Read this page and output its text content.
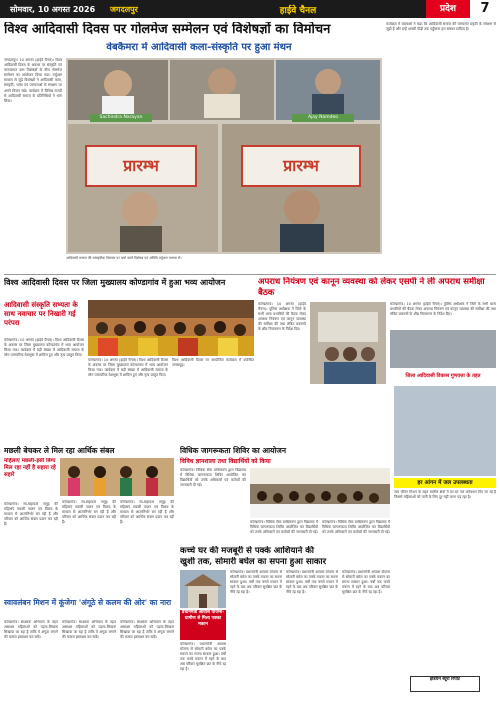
सोमवार, 10 अगस्त 2026	जगदलपुर	हाईवे चैनल	प्रदेश	7
विश्व आदिवासी दिवस पर गोलमेज सम्मेलन एवं विशेषज्ञों का विमोचन
वेबकैमरा में आदिवासी कला-संस्कृति पर हुआ मंथन
जगदलपुर। 10 अगस्त (हाईवे चैनल)। विश्व आदिवासी दिवस के अवसर पर संस्कृति एवं परम्परागत ज्ञान विशेषज्ञों के बीच गोलमेज सम्मेलन का आयोजन किया गया। वर्चुअल माध्यम से जुड़े विशेषज्ञों ने आदिवासी कला, संस्कृति, भाषा एवं परम्पराओं के संरक्षण पर अपने विचार रखे। कार्यक्रम में विभिन्न राज्यों से आदिवासी समाज के प्रतिनिधियों ने भाग लिया।
Sachindra Narayan	Ajay Namdeo
प्रारम्भ	प्रारम्भ
आदिवासी समाज की सांस्कृतिक विरासत पर चर्चा करते विशेषज्ञ एवं अतिथि वर्चुअल माध्यम से।
कार्यक्रम में वक्ताओं ने कहा कि आदिवासी समाज की परम्पराएं प्रकृति के संरक्षण से जुड़ी हैं और इन्हें अगली पीढ़ी तक पहुँचाना हम सबका दायित्व है।
विश्व आदिवासी दिवस पर जिला मुख्यालय कोण्डागांव में हुआ भव्य आयोजन
आदिवासी संस्कृति सभ्यता के साथ नवाचार पर निखारी गई परंपरा
कोण्डागांव। 10 अगस्त (हाईवे चैनल)। विश्व आदिवासी दिवस के अवसर पर जिला मुख्यालय कोण्डागांव में भव्य आयोजन किया गया। कार्यक्रम में बड़ी संख्या में आदिवासी समाज के लोग पारम्परिक वेशभूषा में शामिल हुए और नृत्य प्रस्तुत किए।
कोण्डागांव। 10 अगस्त (हाईवे चैनल)। विश्व आदिवासी दिवस के अवसर पर जिला मुख्यालय कोण्डागांव में भव्य आयोजन किया गया। कार्यक्रम में बड़ी संख्या में आदिवासी समाज के लोग पारम्परिक वेशभूषा में शामिल हुए और नृत्य प्रस्तुत किए।
विश्व आदिवासी दिवस पर आयोजित कार्यक्रम में उपस्थित जनसमूह।
अपराध नियंत्रण एवं कानून व्यवस्था को लेकर एसपी ने ली अपराध समीक्षा बैठक
कोण्डागांव। 10 अगस्त (हाईवे चैनल)। पुलिस अधीक्षक ने जिले के सभी थाना प्रभारियों की बैठक लेकर अपराध नियंत्रण एवं कानून व्यवस्था की समीक्षा की तथा लंबित प्रकरणों के शीघ्र निराकरण के निर्देश दिए।
कोण्डागांव। 10 अगस्त (हाईवे चैनल)। पुलिस अधीक्षक ने जिले के सभी थाना प्रभारियों की बैठक लेकर अपराध नियंत्रण एवं कानून व्यवस्था की समीक्षा की तथा लंबित प्रकरणों के शीघ्र निराकरण के निर्देश दिए।
जिला आदिवासी विकास गुणवत्ता के तहत
मछली बेचकर ले मिल रहा आर्थिक संबल
महिलाए मछली-इसी बिग्घ मिल रहा नहीं है सहारा रहे सहारे
कोण्डागांव। स्व-सहायता समूह की महिलाएं मछली पालन एवं विक्रय के माध्यम से आत्मनिर्भर बन रही हैं और परिवार को आर्थिक संबल प्रदान कर रही हैं।
कोण्डागांव। स्व-सहायता समूह की महिलाएं मछली पालन एवं विक्रय के माध्यम से आत्मनिर्भर बन रही हैं और परिवार को आर्थिक संबल प्रदान कर रही हैं।
कोण्डागांव। स्व-सहायता समूह की महिलाएं मछली पालन एवं विक्रय के माध्यम से आत्मनिर्भर बन रही हैं और परिवार को आर्थिक संबल प्रदान कर रही हैं।
विधिक जागरूकता शिविर का आयोजन
विविध ज्ञानशाला तथा विद्यार्थियों को किया
कोण्डागांव। विधिक सेवा प्राधिकरण द्वारा विद्यालय में विधिक जागरूकता शिविर आयोजित कर विद्यार्थियों को उनके अधिकारों एवं कर्तव्यों की जानकारी दी गई।
कोण्डागांव। विधिक सेवा प्राधिकरण द्वारा विद्यालय में विधिक जागरूकता शिविर आयोजित कर विद्यार्थियों को उनके अधिकारों एवं कर्तव्यों की जानकारी दी गई।
कोण्डागांव। विधिक सेवा प्राधिकरण द्वारा विद्यालय में विधिक जागरूकता शिविर आयोजित कर विद्यार्थियों को उनके अधिकारों एवं कर्तव्यों की जानकारी दी गई।
हर आंगन में जल उपलब्धता
जल जीवन मिशन के तहत ग्रामीण क्षेत्रों में घर-घर नल कनेक्शन दिए जा रहे हैं जिससे महिलाओं को पानी के लिए दूर नहीं जाना पड़ रहा है।
इंडियन ब्यूरो रिपोर्ट
कच्चे घर की मजबूरी से पक्के आशियाने की
खुशी तक, सोमारी बघेल का सपना हुआ साकार
प्रधानमंत्री आवास योजना-ग्रामीण से मिला पक्का मकान
कोण्डागांव। प्रधानमंत्री आवास योजना से सोमारी बघेल का पक्के मकान का सपना साकार हुआ। वर्षों तक कच्चे मकान में रहने के बाद अब परिवार सुरक्षित छत के नीचे रह रहा है।
कोण्डागांव। प्रधानमंत्री आवास योजना से सोमारी बघेल का पक्के मकान का सपना साकार हुआ। वर्षों तक कच्चे मकान में रहने के बाद अब परिवार सुरक्षित छत के नीचे रह रहा है।
कोण्डागांव। प्रधानमंत्री आवास योजना से सोमारी बघेल का पक्के मकान का सपना साकार हुआ। वर्षों तक कच्चे मकान में रहने के बाद अब परिवार सुरक्षित छत के नीचे रह रहा है।
कोण्डागांव। प्रधानमंत्री आवास योजना से सोमारी बघेल का पक्के मकान का सपना साकार हुआ। वर्षों तक कच्चे मकान में रहने के बाद अब परिवार सुरक्षित छत के नीचे रह रहा है।
स्वावलंबन मिशन में कूंजेगा 'अंगूठे से कलम की ओर' का नारा
कोण्डागांव। साक्षरता अभियान के तहत असाक्षर महिलाओं को पढ़ना-लिखना सिखाया जा रहा है ताकि वे अंगूठा लगाने की बजाय हस्ताक्षर कर सकें।
कोण्डागांव। साक्षरता अभियान के तहत असाक्षर महिलाओं को पढ़ना-लिखना सिखाया जा रहा है ताकि वे अंगूठा लगाने की बजाय हस्ताक्षर कर सकें।
कोण्डागांव। साक्षरता अभियान के तहत असाक्षर महिलाओं को पढ़ना-लिखना सिखाया जा रहा है ताकि वे अंगूठा लगाने की बजाय हस्ताक्षर कर सकें।
